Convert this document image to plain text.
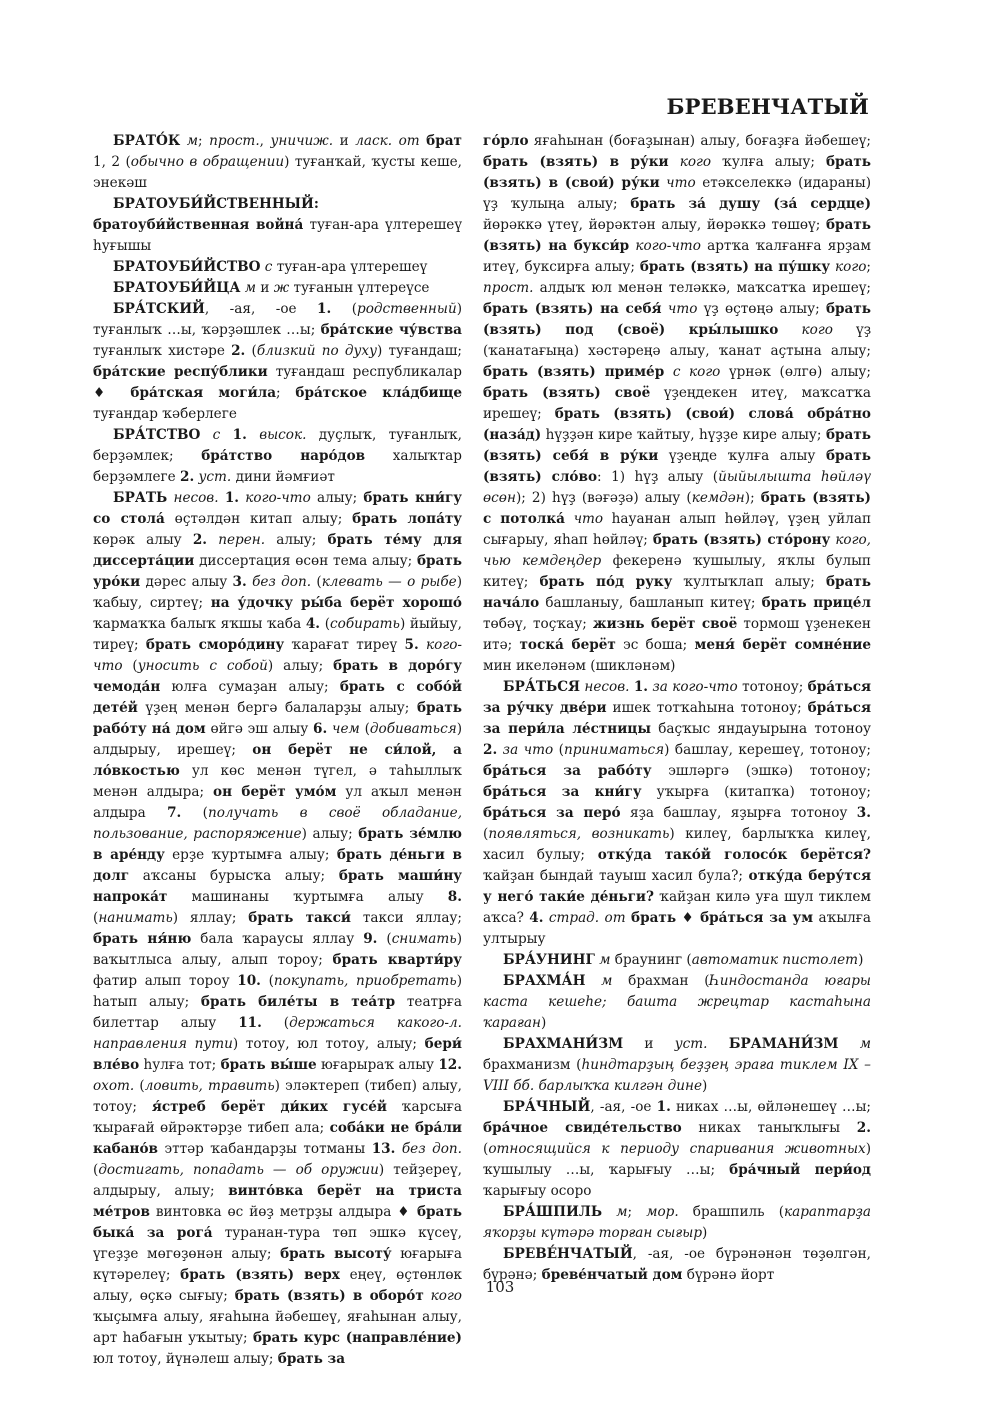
БРЕВЕНЧАТЫЙ

БРАТО́К м; прост., уничиж. и ласк. от брат 1, 2 (обычно в обращении) туғанҡай, ҡусты кеше, энекәш

БРАТОУБИ́ЙСТВЕННЫЙ: братоуби́йственная война́ туған-ара үлтерешеү һуғышы

БРАТОУБИ́ЙСТВО с туған-ара үлтерешеү

БРАТОУБИ́ЙЦА м и ж туғанын үлтереүсе

БРА́ТСКИЙ, -ая, -ое 1. (родственный) туғанлыҡ …ы, ҡәрҙәшлек …ы; бра́тские чу́вства туғанлыҡ хистәре 2. (близкий по духу) туғандаш; бра́тские респу́блики туғандаш республикалар ♦ бра́тская моги́ла; бра́тское кла́дбище туғандар ҡәберлеге

БРА́ТСТВО с 1. высок. дуҫлыҡ, туғанлыҡ, берҙәмлек; бра́тство наро́дов халыҡтар берҙәмлеге 2. уст. дини йәмғиәт

БРАТЬ несов. 1. кого-что алыу; брать кни́гу со стола́ өҫтәлдән китап алыу; брать лопа́ту көрәк алыу 2. перен. алыу; брать те́му для диссерта́ции диссертация өсөн тема алыу; брать уро́ки дәрес алыу 3. без доп. (клевать — о рыбе) ҡабыу, сиртеү; на у́дочку ры́ба берёт хорошо́ ҡармаҡҡа балыҡ яҡшы ҡаба 4. (собирать) йыйыу, тиреү; брать сморо́дину ҡарағат тиреү 5. кого-что (уносить с собой) алыу; брать в доро́гу чемода́н юлға сумаҙан алыу; брать с собо́й дете́й үҙең менән бергә балаларҙы алыу; брать рабо́ту на́ дом өйгә эш алыу 6. чем (добиваться) алдырыу, ирешеү; он берёт не си́лой, а ло́вкостью ул көс менән түгел, ә таһыллыҡ менән алдыра; он берёт умо́м ул аҡыл менән алдыра 7. (получать в своё обладание, пользование, распоряжение) алыу; брать зе́млю в аре́нду ерҙе ҡуртымға алыу; брать де́ньги в долг аҡсаны бурысҡа алыу; брать маши́ну напрока́т машинаны ҡуртымға алыу 8. (нанимать) яллау; брать такси́ такси яллау; брать ня́ню бала ҡараусы яллау 9. (снимать) ваҡытлыса алыу, алып тороу; брать кварти́ру фатир алып тороу 10. (покупать, приобретать) һатып алыу; брать биле́ты в теа́тр театрға билеттар алыу 11. (держаться какого-л. направления пути) тотоу, юл тотоу, алыу; бери́ вле́во һулға тот; брать вы́ше юғарыраҡ алыу 12. охот. (ловить, травить) эләктереп (тибеп) алыу, тотоу; я́стреб берёт ди́ких гусе́й ҡарсыға ҡырағай өйрәктәрҙе тибеп ала; соба́ки не бра́ли кабано́в эттәр ҡабандарҙы тотманы 13. без доп. (достигать, попадать — об оружии) тейҙереү, алдырыу, алыу; винто́вка берёт на триста ме́тров винтовка өс йөҙ метрҙы алдыра ♦ брать быка́ за рога́ туранан-тура төп эшкә күсеү, үгеҙҙе мөгөҙөнән алыу; брать высоту́ юғарыға күтәрелеү; брать (взять) верх еңеү, өҫтөнлөк алыу, өҫкә сығыу; брать (взять) в оборо́т кого ҡыҫымға алыу, яғаһына йәбешеү, яғаһынан алыу, арт һабағын уҡытыу; брать курс (направле́ние) юл тотоу, йүнәлеш алыу; брать за

го́рло яғаһынан (боғаҙынан) алыу, боғаҙға йәбешеү; брать (взять) в ру́ки кого ҡулға алыу; брать (взять) в (свои́) ру́ки что етәкселеккә (идараны) үҙ ҡулыңа алыу; брать за́ душу (за́ сердце) йөрәккә үтеү, йөрәктән алыу, йөрәккә төшөү; брать (взять) на букси́р кого-что артҡа ҡалғанға ярҙам итеү, буксирға алыу; брать (взять) на пу́шку кого; прост. алдыҡ юл менән теләккә, маҡсатҡа ирешеү; брать (взять) на себя́ что үҙ өҫтөңә алыу; брать (взять) под (своё) кры́лышко кого үҙ (ҡанатағыңа) хәстәреңә алыу, ҡанат аҫтына алыу; брать (взять) приме́р с кого үрнәк (өлгө) алыу; брать (взять) своё үҙеңдекен итеү, маҡсатҡа ирешеү; брать (взять) (свои́) слова́ обра́тно (наза́д) һүҙҙән кире ҡайтыу, һүҙҙе кире алыу; брать (взять) себя́ в ру́ки үҙеңде ҡулға алыу брать (взять) сло́во: 1) һүҙ алыу (йыйылышта һөйләү өсөн); 2) һүҙ (вәғәҙә) алыу (кемдән); брать (взять) с потолка́ что һауанан алып һөйләү, үҙең уйлап сығарыу, яһап һөйләү; брать (взять) сто́рону кого, чью кемдеңдер фекеренә ҡушылыу, яҡлы булып китеү; брать по́д руку ҡултыҡлап алыу; брать нача́ло башланыу, башланып китеү; брать прице́л төбәү, тоҫҡау; жизнь берёт своё тормош үҙенекен итә; тоска́ берёт эс боша; меня́ берёт сомне́ние мин икеләнәм (шикләнәм)

БРА́ТЬСЯ несов. 1. за кого-что тотоноу; бра́ться за ру́чку две́ри ишек тотҡаһына тотоноу; бра́ться за пери́ла ле́стницы баҫҡыс яндауырына тотоноу 2. за что (приниматься) башлау, керешеү, тотоноу; бра́ться за рабо́ту эшләргә (эшкә) тотоноу; бра́ться за кни́гу уҡырға (китапҡа) тотоноу; бра́ться за перо́ яҙа башлау, яҙырға тотоноу 3. (появляться, возникать) килеү, барлыҡҡа килеү, хасил булыу; отку́да тако́й голосо́к берётся? ҡайҙан бындай тауыш хасил була?; отку́да беру́тся у него́ таки́е де́ньги? ҡайҙан килә уға шул тиклем аҡса? 4. страд. от брать ♦ бра́ться за ум аҡылға ултырыу

БРА́УНИНГ м браунинг (автоматик пистолет)

БРАХМА́Н м брахман (Һиндостанда юғары каста кешеһе; башта жрецтар кастаһына ҡараған)

БРАХМАНИ́ЗМ и уст. БРАМАНИ́ЗМ м брахманизм (һиндтарҙың беҙҙең эраға тиклем IX – VIII бб. барлыҡҡа килгән дине)

БРА́ЧНЫЙ, -ая, -ое 1. никах …ы, өйләнешеү …ы; бра́чное свиде́тельство никах таныҡлығы 2. (относящийся к периоду спаривания животных) ҡушылыу …ы, ҡарығыу …ы; бра́чный пери́од ҡарығыу осоро

БРА́ШПИЛЬ м; мор. брашпиль (караптарҙа яҡорҙы күтәрә торған сығыр)

БРЕВЕ́НЧАТЫЙ, -ая, -ое бүрәнәнән төҙөлгән, бүрәнә; бреве́нчатый дом бүрәнә йорт

103
